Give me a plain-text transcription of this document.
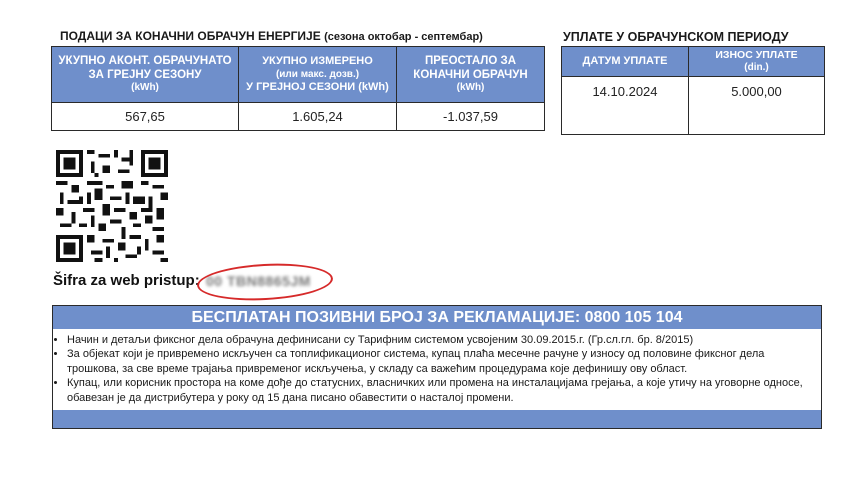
ПОДАЦИ ЗА КОНАЧНИ ОБРАЧУН ЕНЕРГИЈЕ (сезона октобар - септембар)
УКУПНО АКОНТ. ОБРАЧУНАТО
ЗА ГРЕЈНУ СЕЗОНУ
(kWh)	УКУПНО ИЗМЕРЕНО
(или макс. дозв.)
У ГРЕЈНОЈ СЕЗОНИ (kWh)	ПРЕОСТАЛО ЗА
КОНАЧНИ ОБРАЧУН
(kWh)

567,65	1.605,24	-1.037,59
УПЛАТЕ У ОБРАЧУНСКОМ ПЕРИОДУ
ДАТУМ УПЛАТЕ	ИЗНОС УПЛАТЕ
(din.)

14.10.2024	5.000,00
Šifra za web pristup: 00 TBN8865JM
БЕСПЛАТАН ПОЗИВНИ БРОЈ ЗА РЕКЛАМАЦИЈЕ: 0800 105 104
• Начин и детаљи фиксног дела обрачуна дефинисани су Тарифним системом усвојеним 30.09.2015.г. (Гр.сл.гл. бр. 8/2015)
• За објекат који је привремено искључен са топлификационог система, купац плаћа месечне рачуне у износу од половине фиксног дела трошкова, за све време трајања привременог искључења, у складу са важећим процедурама које дефинишу ову област.
• Купац, или корисник простора на коме дође до статусних, власничких или промена на инсталацијама грејања, а које утичу на уговорне односе, обавезан је да дистрибутера у року од 15 дана писано обавестити о насталој промени.
